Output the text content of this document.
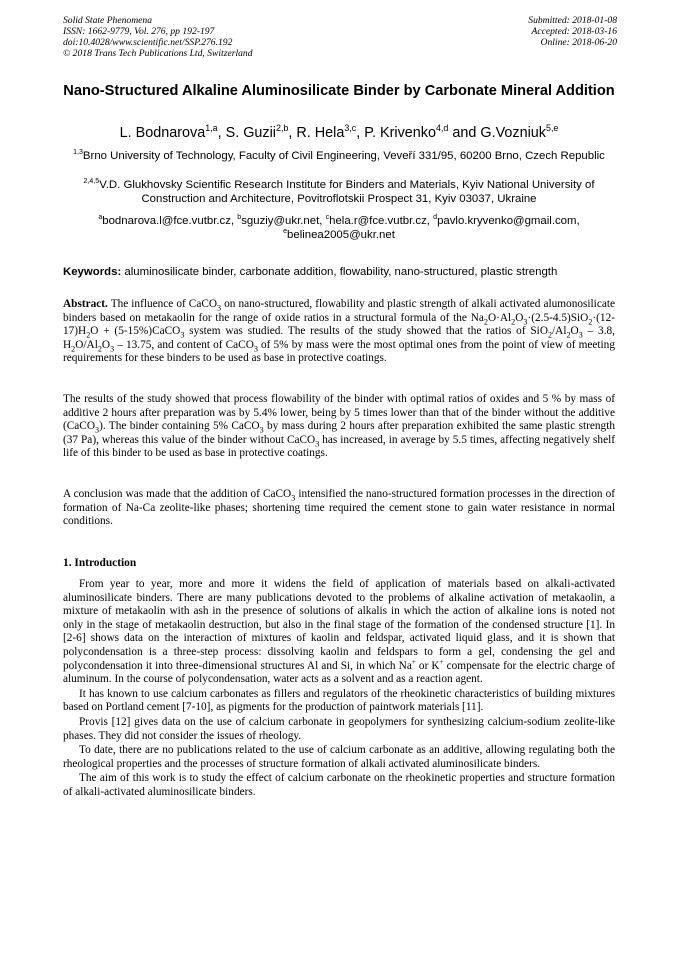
Solid State Phenomena
ISSN: 1662-9779, Vol. 276, pp 192-197
doi:10.4028/www.scientific.net/SSP.276.192
© 2018 Trans Tech Publications Ltd, Switzerland
Submitted: 2018-01-08
Accepted: 2018-03-16
Online: 2018-06-20
Nano-Structured Alkaline Aluminosilicate Binder by Carbonate Mineral Addition
L. Bodnarova$^{1,a}$, S. Guzii$^{2,b}$, R. Hela$^{3,c}$, P. Krivenko$^{4,d}$ and G.Vozniuk$^{5,e}$
$^{1,3}$Brno University of Technology, Faculty of Civil Engineering, Veveří 331/95, 60200 Brno, Czech Republic
$^{2,4,5}$V.D. Glukhovsky Scientific Research Institute for Binders and Materials, Kyiv National University of Construction and Architecture, Povitroflotskii Prospect 31, Kyiv 03037, Ukraine
$^a$bodnarova.l@fce.vutbr.cz, $^b$sguziy@ukr.net, $^c$hela.r@fce.vutbr.cz, $^d$pavlo.kryvenko@gmail.com, $^e$belinea2005@ukr.net
Keywords: aluminosilicate binder, carbonate addition, flowability, nano-structured, plastic strength

Abstract. The influence of CaCO$_3$ on nano-structured, flowability and plastic strength of alkali activated alumonosilicate binders based on metakaolin for the range of oxide ratios in a structural formula of the $Na_2O\cdot Al_2O_3\cdot(2.5-4.5)SiO_2\cdot(12-17)H_2O$ + (5-15%)CaCO$_3$ system was studied. The results of the study showed that the ratios of $SiO_2/Al_2O_3 - 3.8$, $H_2O/Al_2O_3 - 13.75$, and content of CaCO$_3$ of 5% by mass were the most optimal ones from the point of view of meeting requirements for these binders to be used as base in protective coatings.

The results of the study showed that process flowability of the binder with optimal ratios of oxides and 5 % by mass of additive 2 hours after preparation was by 5.4% lower, being by 5 times lower than that of the binder without the additive (CaCO$_3$). The binder containing 5% CaCO$_3$ by mass during 2 hours after preparation exhibited the same plastic strength (37 Pa), whereas this value of the binder without CaCO$_3$ has increased, in average by 5.5 times, affecting negatively shelf life of this binder to be used as base in protective coatings.

A conclusion was made that the addition of CaCO$_3$ intensified the nano-structured formation processes in the direction of formation of Na-Ca zeolite-like phases; shortening time required the cement stone to gain water resistance in normal conditions.

1. Introduction

From year to year, more and more it widens the field of application of materials based on alkali-activated aluminosilicate binders. There are many publications devoted to the problems of alkaline activation of metakaolin, a mixture of metakaolin with ash in the presence of solutions of alkalis in which the action of alkaline ions is noted not only in the stage of metakaolin destruction, but also in the final stage of the formation of the condensed structure [1]. In [2-6] shows data on the interaction of mixtures of kaolin and feldspar, activated liquid glass, and it is shown that polycondensation is a three-step process: dissolving kaolin and feldspars to form a gel, condensing the gel and polycondensation it into three-dimensional structures Al and Si, in which Na+ or K+ compensate for the electric charge of aluminum. In the course of polycondensation, water acts as a solvent and as a reaction agent.

It has known to use calcium carbonates as fillers and regulators of the rheokinetic characteristics of building mixtures based on Portland cement [7-10], as pigments for the production of paintwork materials [11].

Provis [12] gives data on the use of calcium carbonate in geopolymers for synthesizing calcium-sodium zeolite-like phases. They did not consider the issues of rheology.

To date, there are no publications related to the use of calcium carbonate as an additive, allowing regulating both the rheological properties and the processes of structure formation of alkali activated aluminosilicate binders.

The aim of this work is to study the effect of calcium carbonate on the rheokinetic properties and structure formation of alkali-activated aluminosilicate binders.
